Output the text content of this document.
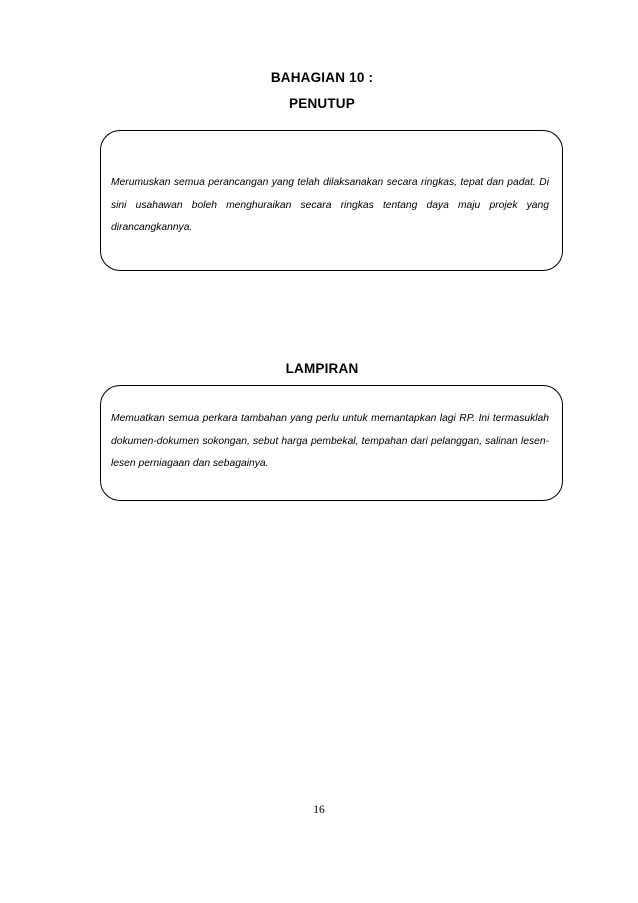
BAHAGIAN 10 :
PENUTUP
Merumuskan semua perancangan yang telah dilaksanakan secara ringkas, tepat dan padat. Di sini usahawan boleh menghuraikan secara ringkas tentang daya maju projek yang dirancangkannya.
LAMPIRAN
Memuatkan semua perkara tambahan yang perlu untuk memantapkan lagi RP. Ini termasuklah dokumen-dokumen sokongan, sebut harga pembekal, tempahan dari pelanggan, salinan lesen-lesen perniagaan dan sebagainya.
16
